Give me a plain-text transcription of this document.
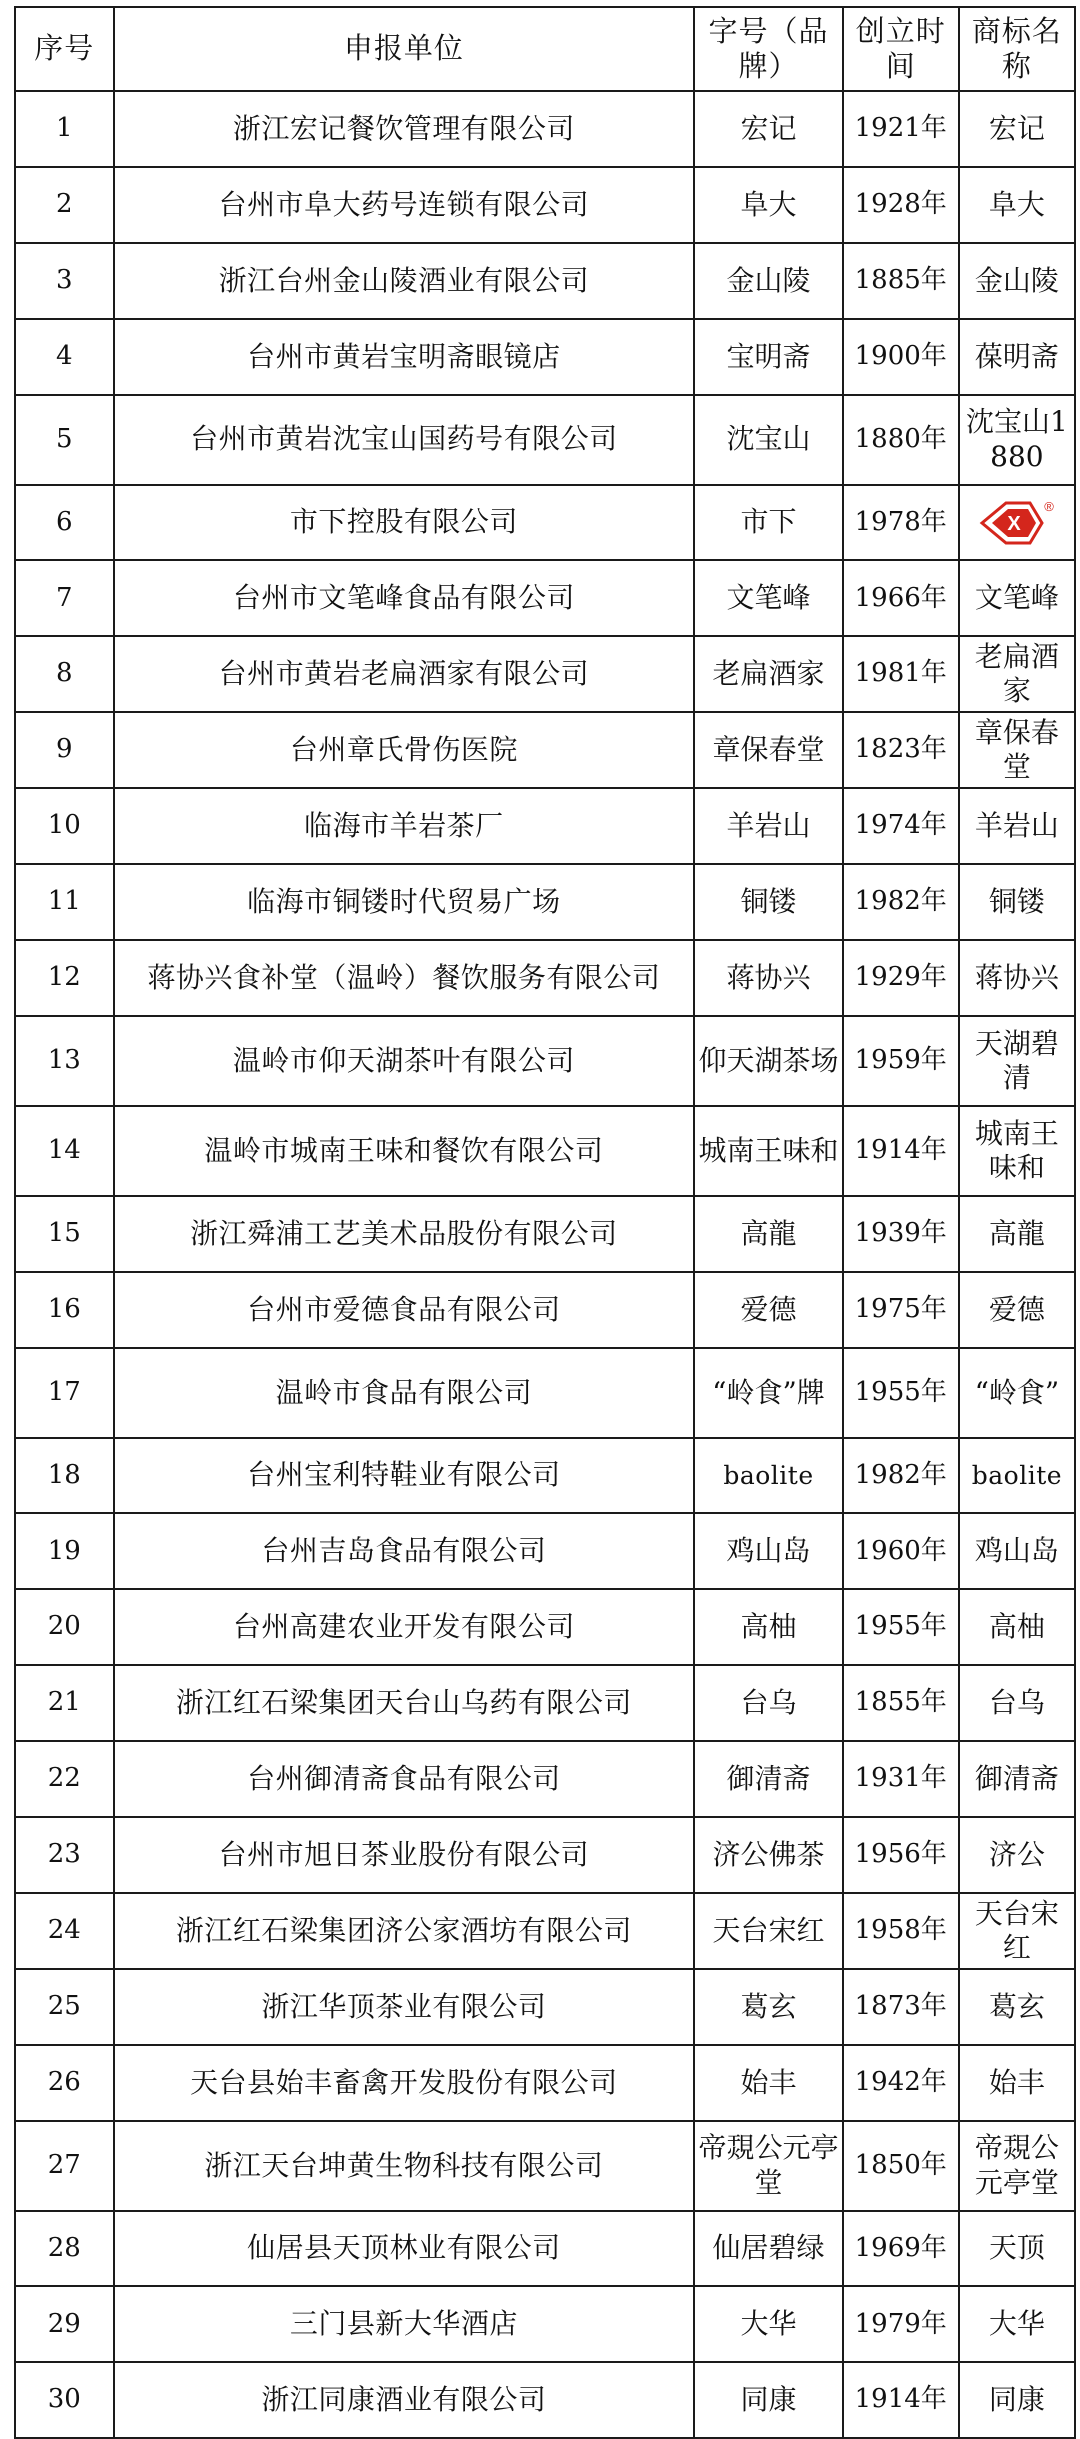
序号	申报单位	字号（品牌）	创立时间	商标名称
1	浙江宏记餐饮管理有限公司	宏记	1921年	宏记
2	台州市阜大药号连锁有限公司	阜大	1928年	阜大
3	浙江台州金山陵酒业有限公司	金山陵	1885年	金山陵
4	台州市黄岩宝明斋眼镜店	宝明斋	1900年	葆明斋
5	台州市黄岩沈宝山国药号有限公司	沈宝山	1880年	沈宝山1880
6	市下控股有限公司	市下	1978年	X
®

7	台州市文笔峰食品有限公司	文笔峰	1966年	文笔峰
8	台州市黄岩老扁酒家有限公司	老扁酒家	1981年	老扁酒家
9	台州章氏骨伤医院	章保春堂	1823年	章保春堂
10	临海市羊岩茶厂	羊岩山	1974年	羊岩山
11	临海市铜镂时代贸易广场	铜镂	1982年	铜镂
12	蒋协兴食补堂（温岭）餐饮服务有限公司	蒋协兴	1929年	蒋协兴
13	温岭市仰天湖茶叶有限公司	仰天湖茶场	1959年	天湖碧清
14	温岭市城南王味和餐饮有限公司	城南王味和	1914年	城南王味和
15	浙江舜浦工艺美术品股份有限公司	高龍	1939年	高龍
16	台州市爱德食品有限公司	爱德	1975年	爱德
17	温岭市食品有限公司	“岭食”牌	1955年	“岭食”
18	台州宝利特鞋业有限公司	baolite	1982年	baolite
19	台州吉岛食品有限公司	鸡山岛	1960年	鸡山岛
20	台州高建农业开发有限公司	高柚	1955年	高柚
21	浙江红石梁集团天台山乌药有限公司	台乌	1855年	台乌
22	台州御清斋食品有限公司	御清斋	1931年	御清斋
23	台州市旭日茶业股份有限公司	济公佛茶	1956年	济公
24	浙江红石梁集团济公家酒坊有限公司	天台宋红	1958年	天台宋红
25	浙江华顶茶业有限公司	葛玄	1873年	葛玄
26	天台县始丰畜禽开发股份有限公司	始丰	1942年	始丰
27	浙江天台坤黄生物科技有限公司	帝覝公元亭堂	1850年	帝覝公元亭堂
28	仙居县天顶林业有限公司	仙居碧绿	1969年	天顶
29	三门县新大华酒店	大华	1979年	大华
30	浙江同康酒业有限公司	同康	1914年	同康
